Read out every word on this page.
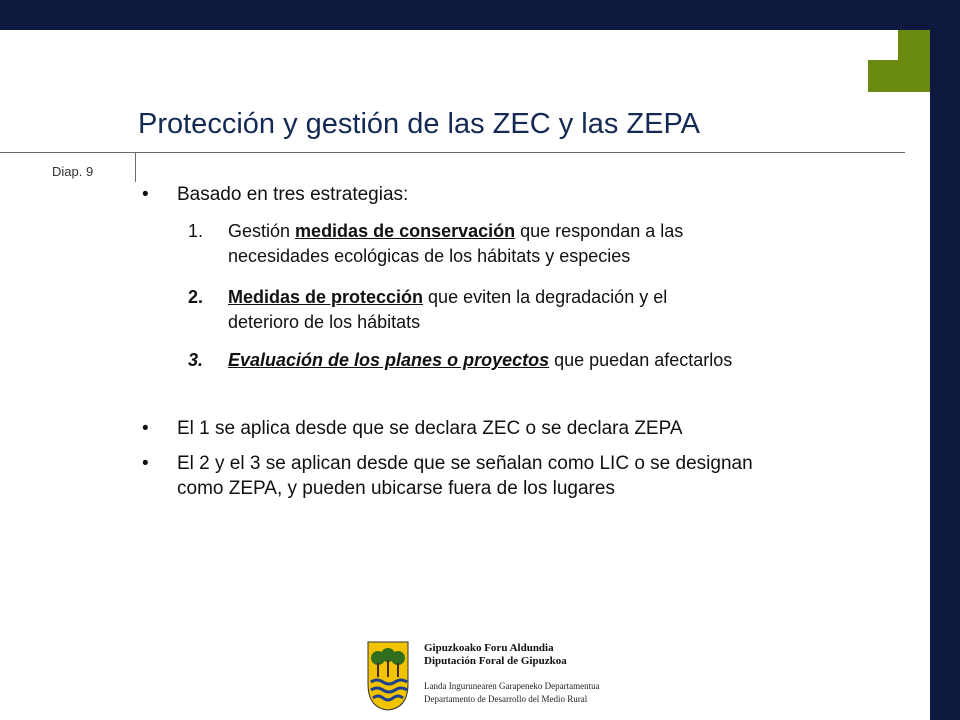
Protección y gestión de las ZEC y las ZEPA
Diap. 9
• Basado en tres estrategias:
1. Gestión medidas de conservación que respondan a las
necesidades ecológicas de los hábitats y especies
2. Medidas de protección que eviten la degradación y el
deterioro de los hábitats
3. Evaluación de los planes o proyectos que puedan afectarlos
• El 1 se aplica desde que se declara ZEC o se declara ZEPA
• El 2 y el 3 se aplican desde que se señalan como LIC o se designan
como ZEPA, y pueden ubicarse fuera de los lugares
Gipuzkoako Foru Aldundia
Diputación Foral de Gipuzkoa
Landa Ingurunearen Garapeneko Departamentua
Departamento de Desarrollo del Medio Rural
